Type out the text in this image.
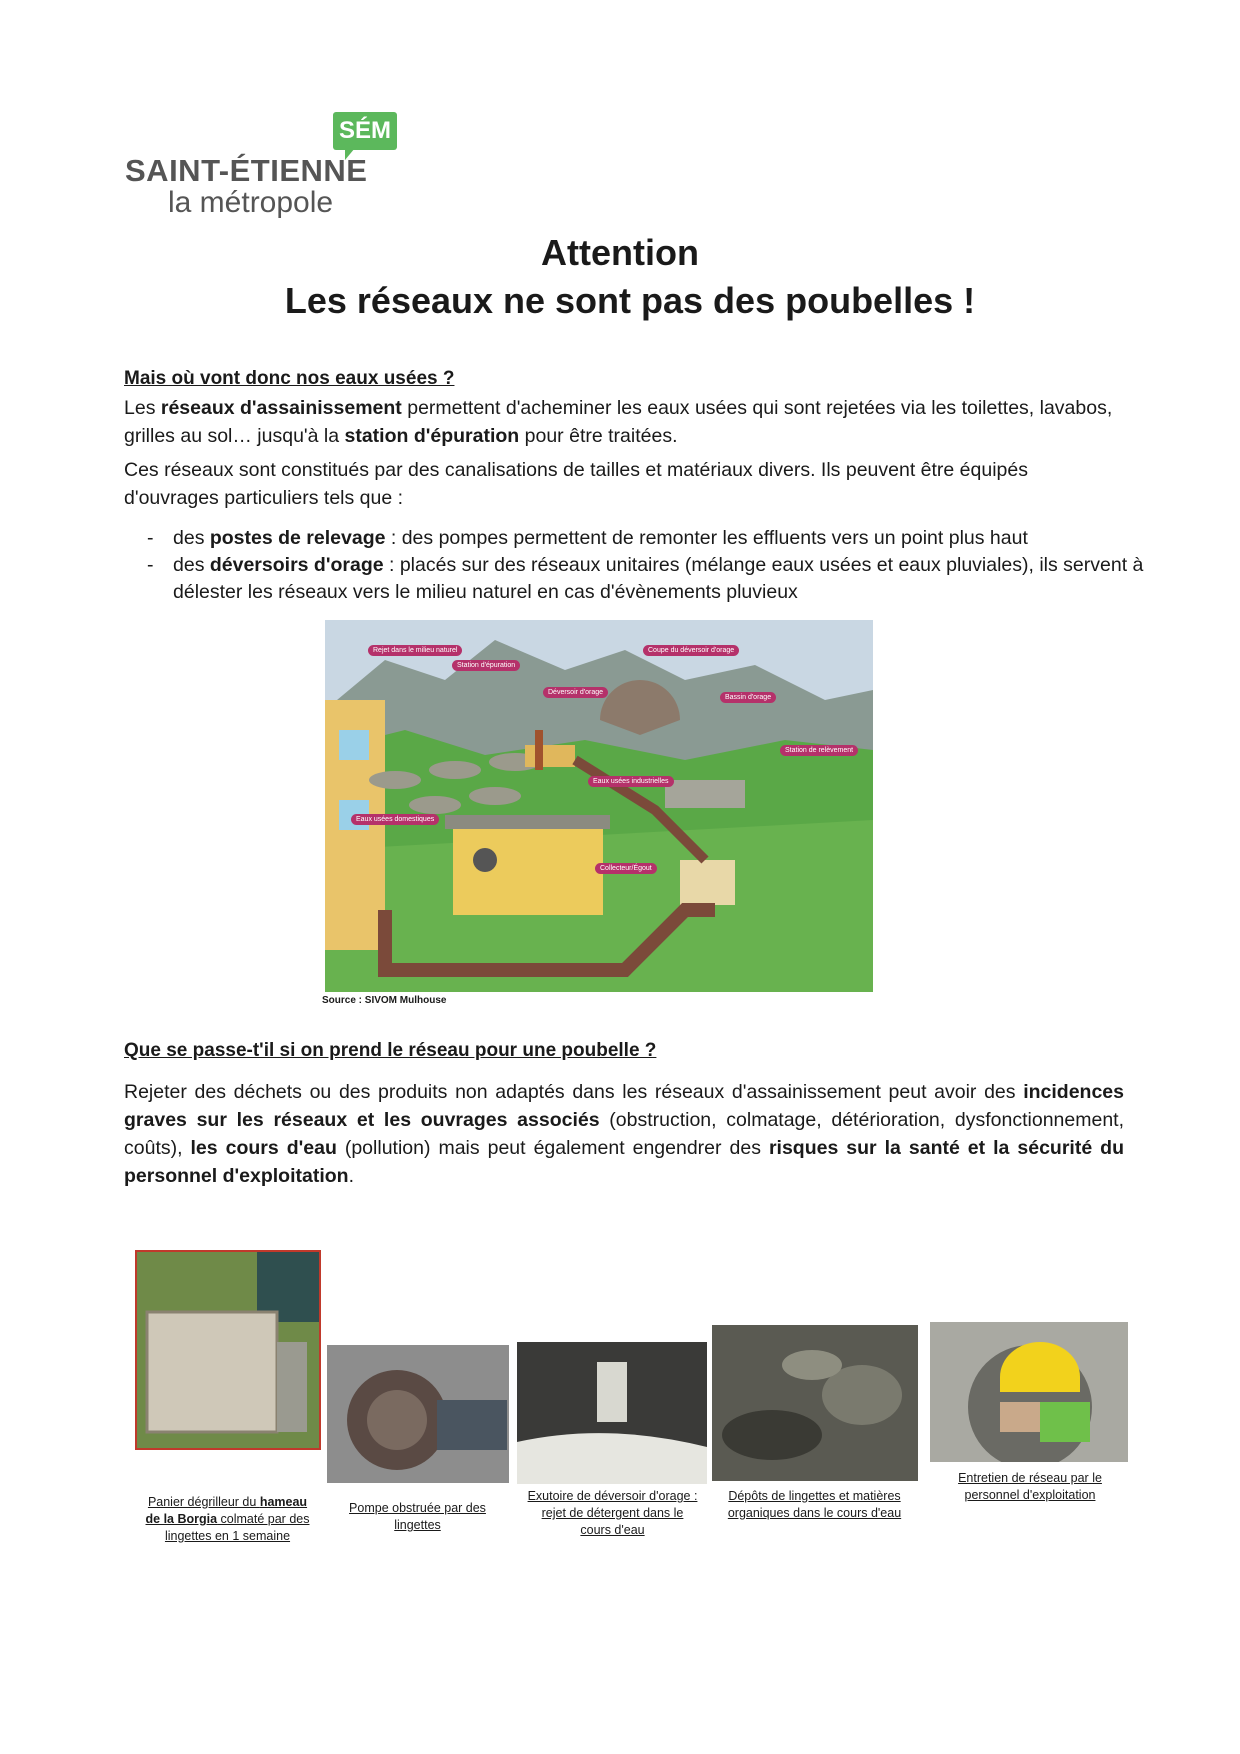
SÉM
SAINT-ÉTIENNE
la métropole
Attention
Les réseaux ne sont pas des poubelles !
Mais où vont donc nos eaux usées ?
Les réseaux d'assainissement permettent d'acheminer les eaux usées qui sont rejetées via les toilettes, lavabos, grilles au sol… jusqu'à la station d'épuration pour être traitées.
Ces réseaux sont constitués par des canalisations de tailles et matériaux divers. Ils peuvent être équipés d'ouvrages particuliers tels que :
- des postes de relevage : des pompes permettent de remonter les effluents vers un point plus haut
- des déversoirs d'orage : placés sur des réseaux unitaires (mélange eaux usées et eaux pluviales), ils servent à délester les réseaux vers le milieu naturel en cas d'évènements pluvieux
Rejet dans le milieu naturel
Station d'épuration
Coupe du déversoir d'orage
Déversoir d'orage
Bassin d'orage
Station de relèvement
Eaux usées industrielles
Eaux usées domestiques
Collecteur/Égout
Source : SIVOM Mulhouse
Que se passe-t'il si on prend le réseau pour une poubelle ?
Rejeter des déchets ou des produits non adaptés dans les réseaux d'assainissement peut avoir des incidences graves sur les réseaux et les ouvrages associés (obstruction, colmatage, détérioration, dysfonctionnement, coûts), les cours d'eau (pollution) mais peut également engendrer des risques sur la santé et la sécurité du personnel d'exploitation.
Panier dégrilleur du hameau de la Borgia colmaté par des lingettes en 1 semaine
Pompe obstruée par des lingettes
Exutoire de déversoir d'orage : rejet de détergent dans le cours d'eau
Dépôts de lingettes et matières organiques dans le cours d'eau
Entretien de réseau par le personnel d'exploitation
